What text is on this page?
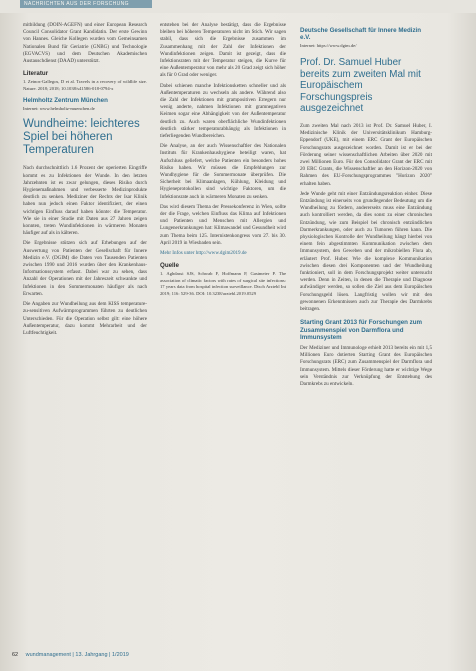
NACHRICHTEN AUS DER FORSCHUNG

mitbildung (DOIN-AGEFN) und einer European Research Council Consolidator Grant Kandidatin. Der erste Gewinn von Hannes. Gleiche Kollegen wurden vom Gemeinsamen Nationalen Bund für Geriatrie (GNBG) und Technologie (EGVACVS) und dem Deutschen Akademischen Austauschdienst (DAAD) unterstützt.

Literatur

1. Zeinos-Gallegos, D et al. Travels in a recovery of wildlife size. Nature. 2018; 2018; 10.1038/s41586-018-0794-x

Helmholtz Zentrum München

Internet: www.helmholtz-muenchen.de

Wundheime: leichteres Spiel bei höheren Temperaturen

Nach durchschnittlich 1.6 Prozent der operierten Eingriffe kommt es zu Infektionen der Wunde. In den letzten Jahrzehnten ist es zwar gelungen, dieses Risiko durch Hygienemaßnahmen und verbesserte Medizinprodukte deutlich zu senken. Mediziner der Rechts der Isar Klinik haben nun jedoch einen Faktor identifiziert, der einen wichtigen Einfluss darauf haben könnte: die Temperatur. Wie sie in einer Studie mit Daten aus 27 Jahren zeigen konnten, treten Wundinfektionen in wärmeren Monaten häufiger auf als in kälteren.

Die Ergebnisse stützen sich auf Erhebungen auf der Auswertung von Patienten der Gesellschaft für Innere Medizin e.V. (DGIM) die Daten von Tausenden Patienten zwischen 1990 und 2016 wurden über den Krankenhaus-Informationssystem erfasst. Dabei war zu sehen, dass Anzahl der Operationen mit der Jahreszeit schwankte und Infektionen in den Sommermonaten häufiger als nach Erwarten.

Die Angaben zur Wundheilung aus dem KISS temperature-zu-sensitiven Aufwärmprogrammen führten zu deutlichen Unterschieden. Für die Operation selbst gilt: eine höhere Außentemperatur, dazu kommt Mehrarbeit und der Luftfeuchtigkeit.

entstehen bei der Analyse bestätigt, dass die Ergebnisse bleiben bei höheren Temperaturen nicht im Stich. Wir sagen stabil, dass sich die Ergebnisse zusammen im Zusammenhang mit der Zahl der Infektionen der Wundinfektionen zeigen. Damit ist gezeigt, dass die Infektionsraten mit der Temperatur steigen, die Kurve für eine Außentemperatur von mehr als 20 Grad zeigt sich höher als für 0 Grad oder weniger.

Dabei schienen manche Infektionsketten schneller und als Außentemperaturen zu wechseln als andere. Während also die Zahl der Infektionen mit grampositiven Erregern nur wenig anderte, nahmen Infektionen mit gramnegativen Keimen sogar eine Abhängigkeit von der Außentemperatur deutlich zu. Auch waren oberflächliche Wundinfektionen deutlich stärker temperaturabhängig als Infektionen in tieferliegenden Wundbereichen.

Die Analyse, an der auch Wissenschaftler des Nationalen Instituts für Krankenhaushygiene beteiligt waren, hat Aufschluss geliefert, welche Patienten ein besonders hohes Risiko haben. Wir müssen die Empfehlungen zur Wundhygiene für die Sommermonate überprüfen. Die Sicherheit bei Klimaanlagen, Kühlung, Kleidung und Hygieneprotokollen sind wichtige Faktoren, um die Infektionsrate auch in wärmeren Monaten zu senken.

Das wird diesem Thema der Pressekonferenz in Wien, sollte der die Frage, welchen Einfluss das Klima auf Infektionen und Patienten und Menschen mit Allergien und Lungenerkrankungen hat: Klimawandel und Gesundheit wird zum Thema beim 125. Internistenkongress vom 27. bis 30. April 2019 in Wiesbaden sein.

Mehr Infos unter http://www.dgim2019.de

Quelle

1. Aghdassi SJS, Schwab F, Hoffmann P, Gastmeier P. The association of climatic factors with rates of surgical site infections: 17 years data from hospital infection surveillance. Dtsch Arztebl Int 2019; 116: 529-36. DOI: 10.3238/arztebl.2019.0529

Deutsche Gesellschaft für Innere Medizin e.V.

Internet: https://www.dgim.de/

Prof. Dr. Samuel Huber bereits zum zweiten Mal mit Europäischem Forschungspreis ausgezeichnet

Zum zweiten Mal nach 2013 ist Prof. Dr. Samuel Huber, I. Medizinische Klinik der Universitätsklinikum Hamburg-Eppendorf (UKE), mit einem ERC Grant der Europäischen Forschungsrats ausgezeichnet worden. Damit ist er bei der Förderung seiner wissenschaftlichen Arbeiten über 2020 mit zwei Millionen Euro. Für den Consolidator Grant der ERC mit 20 ERC Grants, die Wissenschaftler an den Horizon-2020 von Rahmen des EU-Forschungsprogrammes "Horizon 2020" erhalten haben.

Jede Wunde geht mit einer Entzündungsreaktion einher. Diese Entzündung ist einerseits von grundlegender Bedeutung um die Wundheilung zu fördern, andererseits muss eine Entzündung auch kontrolliert werden, da dies sonst zu einer chronischen Entzündung, wie zum Beispiel bei chronisch entzündlichen Darmerkrankungen, oder auch zu Tumoren führen kann. Die physiologischen Kontrolle der Wundheilung hängt hierbei von einem fein abgestimmten Kommunikation zwischen dem Immunsystem, den Geweben und der mikrobiellen Flora ab, erläutert Prof. Huber. Wie die komplexe Kommunikation zwischen diesen drei Komponenten und der Wundheilung funktioniert, soll in dem Forschungsprojekt weiter untersucht werden. Denn in Zeiten, in denen die Therapie und Diagnose aufwändiger werden, so sollen die Ziel aus dem Europäischen Forschungsgeld lösen. Langfristig wollen wir mit den gewonnenen Erkenntnissen auch zur Therapie des Darmkrebs beitragen.

Starting Grant 2013 für Forschungen zum Zusammenspiel von Darmflora und Immunsystem

Der Mediziner und Immunologe erhielt 2013 bereits ein mit 1,5 Millionen Euro dotierten Starting Grant des Europäischen Forschungsrats (ERC) zum Zusammenspiel der Darmflora und Immunsystem. Mittels dieser Förderung hatte er wichtige Wege sein Verständnis zur Verknüpfung der Entstehung des Darmkrebs zu entwickeln.

62 wundmanagement | 13. Jahrgang | 1/2019
